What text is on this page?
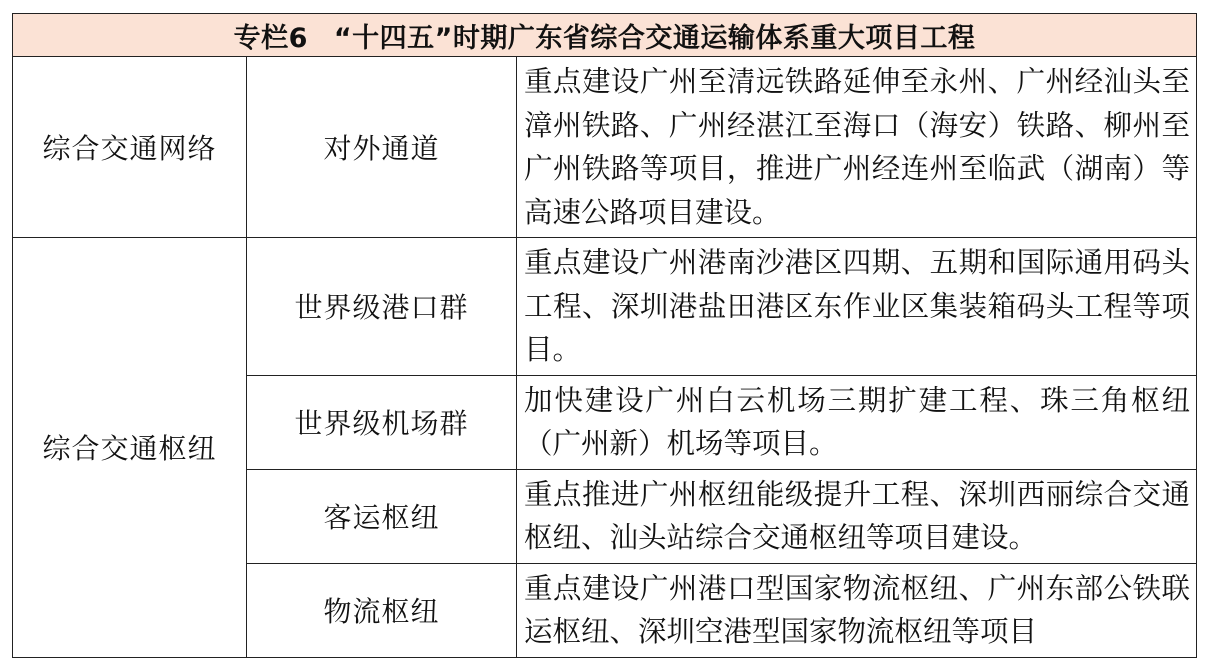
专栏6 “十四五”时期广东省综合交通运输体系重大项目工程		
综合交通网络	对外通道	重点建设广州至清远铁路延伸至永州、广州经汕头至漳州铁路、广州经湛江至海口（海安）铁路、柳州至广州铁路等项目，推进广州经连州至临武（湖南）等高速公路项目建设。
综合交通枢纽	世界级港口群	重点建设广州港南沙港区四期、五期和国际通用码头工程、深圳港盐田港区东作业区集装箱码头工程等项目。
	世界级机场群	加快建设广州白云机场三期扩建工程、珠三角枢纽（广州新）机场等项目。
	客运枢纽	重点推进广州枢纽能级提升工程、深圳西丽综合交通枢纽、汕头站综合交通枢纽等项目建设。
	物流枢纽	重点建设广州港口型国家物流枢纽、广州东部公铁联运枢纽、深圳空港型国家物流枢纽等项目
